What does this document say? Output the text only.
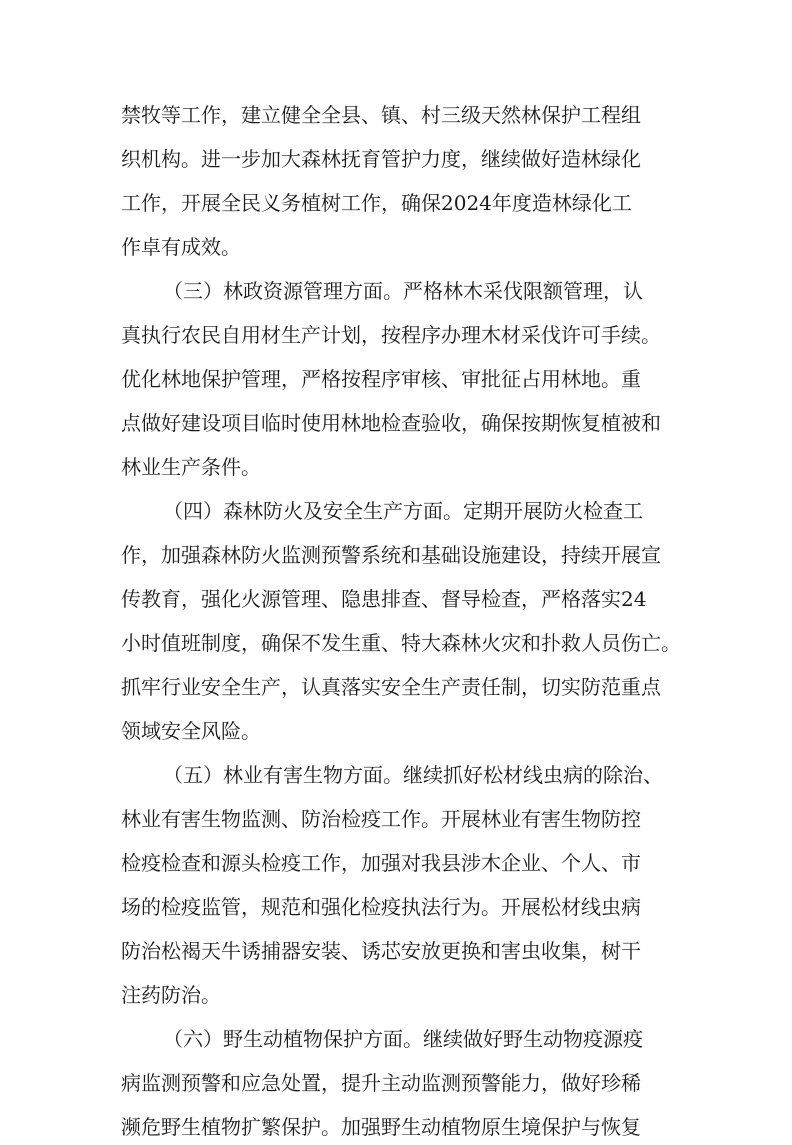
禁牧等工作，建立健全全县、镇、村三级天然林保护工程组
织机构。进一步加大森林抚育管护力度，继续做好造林绿化
工作，开展全民义务植树工作，确保2024年度造林绿化工
作卓有成效。
（三）林政资源管理方面。严格林木采伐限额管理，认
真执行农民自用材生产计划，按程序办理木材采伐许可手续。
优化林地保护管理，严格按程序审核、审批征占用林地。重
点做好建设项目临时使用林地检查验收，确保按期恢复植被和
林业生产条件。
（四）森林防火及安全生产方面。定期开展防火检查工
作，加强森林防火监测预警系统和基础设施建设，持续开展宣
传教育，强化火源管理、隐患排查、督导检查，严格落实24
小时值班制度，确保不发生重、特大森林火灾和扑救人员伤亡。
抓牢行业安全生产，认真落实安全生产责任制，切实防范重点
领域安全风险。
（五）林业有害生物方面。继续抓好松材线虫病的除治、
林业有害生物监测、防治检疫工作。开展林业有害生物防控
检疫检查和源头检疫工作，加强对我县涉木企业、个人、市
场的检疫监管，规范和强化检疫执法行为。开展松材线虫病
防治松褐天牛诱捕器安装、诱芯安放更换和害虫收集，树干
注药防治。
（六）野生动植物保护方面。继续做好野生动物疫源疫
病监测预警和应急处置，提升主动监测预警能力，做好珍稀
濒危野生植物扩繁保护。加强野生动植物原生境保护与恢复
